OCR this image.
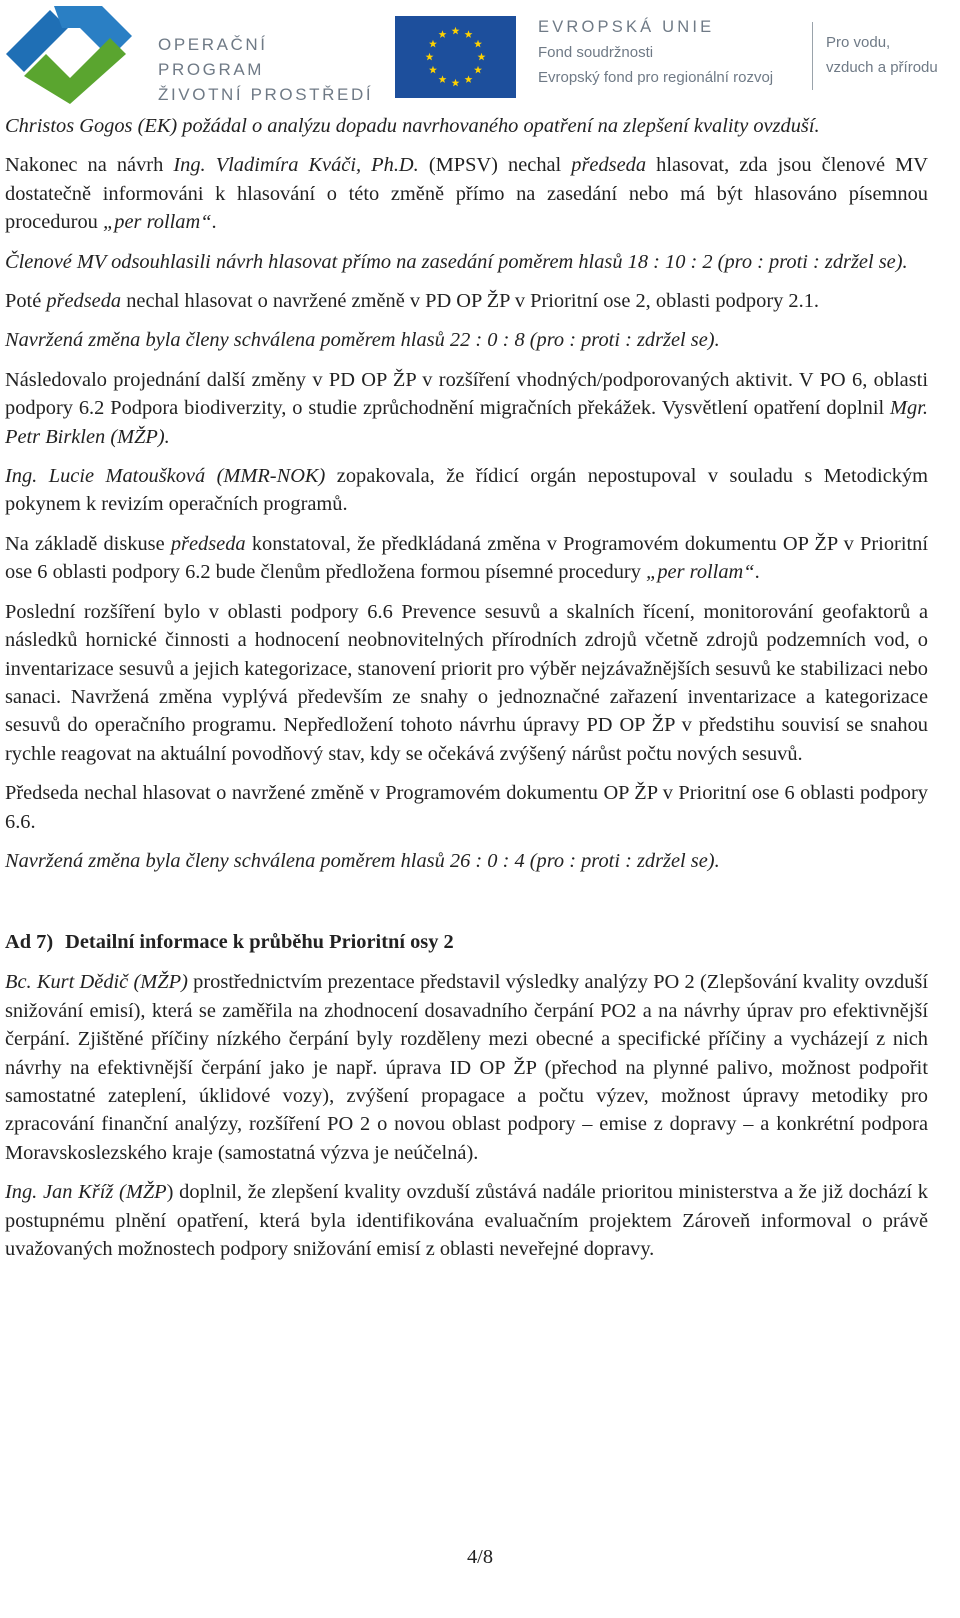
OPERAČNÍ PROGRAM
ŽIVOTNÍ PROSTŘEDÍ
EVROPSKÁ UNIE
Fond soudržnosti
Evropský fond pro regionální rozvoj
Pro vodu,
vzduch a přírodu

Christos Gogos (EK) požádal o analýzu dopadu navrhovaného opatření na zlepšení kvality ovzduší.

Nakonec na návrh Ing. Vladimíra Kváči, Ph.D. (MPSV) nechal předseda hlasovat, zda jsou členové MV dostatečně informováni k hlasování o této změně přímo na zasedání nebo má být hlasováno písemnou procedurou „per rollam“.

Členové MV odsouhlasili návrh hlasovat přímo na zasedání poměrem hlasů 18 : 10 : 2 (pro : proti : zdržel se).

Poté předseda nechal hlasovat o navržené změně v PD OP ŽP v Prioritní ose 2, oblasti podpory 2.1.

Navržená změna byla členy schválena poměrem hlasů 22 : 0 : 8 (pro : proti : zdržel se).

Následovalo projednání další změny v PD OP ŽP v rozšíření vhodných/podporovaných aktivit. V PO 6, oblasti podpory 6.2 Podpora biodiverzity, o studie zprůchodnění migračních překážek. Vysvětlení opatření doplnil Mgr. Petr Birklen (MŽP).

Ing. Lucie Matoušková (MMR-NOK) zopakovala, že řídicí orgán nepostupoval v souladu s Metodickým pokynem k revizím operačních programů.

Na základě diskuse předseda konstatoval, že předkládaná změna v Programovém dokumentu OP ŽP v Prioritní ose 6 oblasti podpory 6.2 bude členům předložena formou písemné procedury „per rollam“.

Poslední rozšíření bylo v oblasti podpory 6.6 Prevence sesuvů a skalních řícení, monitorování geofaktorů a následků hornické činnosti a hodnocení neobnovitelných přírodních zdrojů včetně zdrojů podzemních vod, o inventarizace sesuvů a jejich kategorizace, stanovení priorit pro výběr nejzávažnějších sesuvů ke stabilizaci nebo sanaci. Navržená změna vyplývá především ze snahy o jednoznačné zařazení inventarizace a kategorizace sesuvů do operačního programu. Nepředložení tohoto návrhu úpravy PD OP ŽP v předstihu souvisí se snahou rychle reagovat na aktuální povodňový stav, kdy se očekává zvýšený nárůst počtu nových sesuvů.

Předseda nechal hlasovat o navržené změně v Programovém dokumentu OP ŽP v Prioritní ose 6 oblasti podpory 6.6.

Navržená změna byla členy schválena poměrem hlasů 26 : 0 : 4 (pro : proti : zdržel se).

Ad 7) Detailní informace k průběhu Prioritní osy 2

Bc. Kurt Dědič (MŽP) prostřednictvím prezentace představil výsledky analýzy PO 2 (Zlepšování kvality ovzduší snižování emisí), která se zaměřila na zhodnocení dosavadního čerpání PO2 a na návrhy úprav pro efektivnější čerpání. Zjištěné příčiny nízkého čerpání byly rozděleny mezi obecné a specifické příčiny a vycházejí z nich návrhy na efektivnější čerpání jako je např. úprava ID OP ŽP (přechod na plynné palivo, možnost podpořit samostatné zateplení, úklidové vozy), zvýšení propagace a počtu výzev, možnost úpravy metodiky pro zpracování finanční analýzy, rozšíření PO 2 o novou oblast podpory – emise z dopravy – a konkrétní podpora Moravskoslezského kraje (samostatná výzva je neúčelná).

Ing. Jan Kříž (MŽP) doplnil, že zlepšení kvality ovzduší zůstává nadále prioritou ministerstva a že již dochází k postupnému plnění opatření, která byla identifikována evaluačním projektem Zároveň informoval o právě uvažovaných možnostech podpory snižování emisí z oblasti neveřejné dopravy.

4/8
